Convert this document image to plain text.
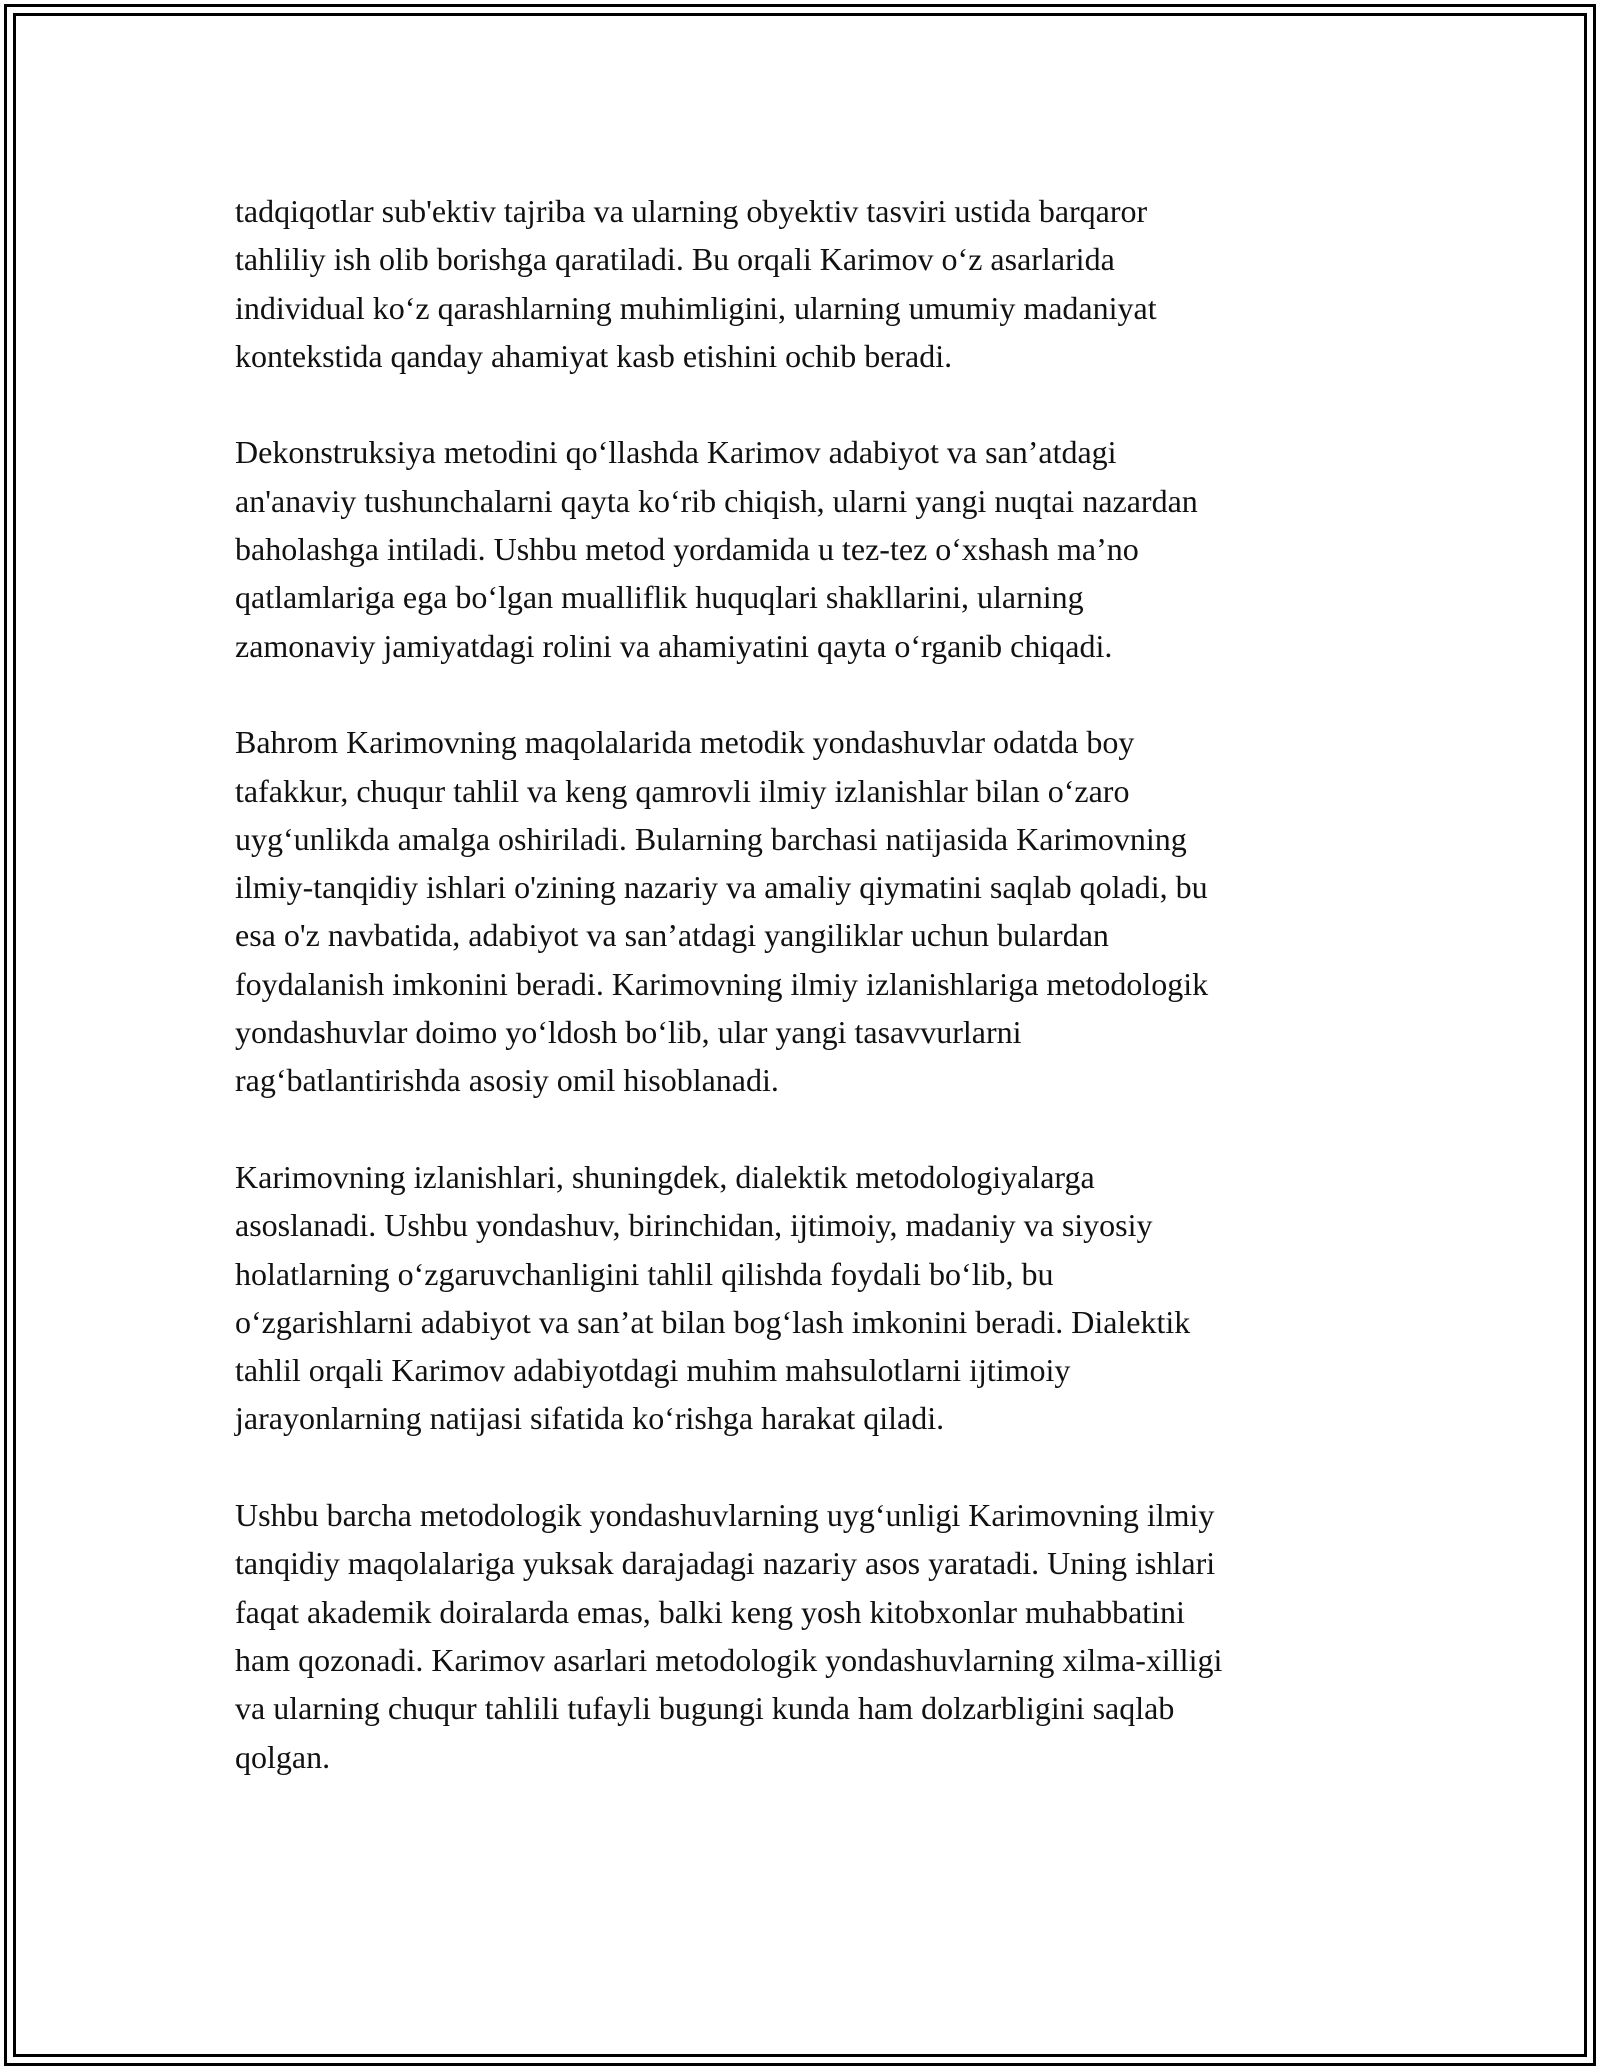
tadqiqotlar sub'ektiv tajriba va ularning obyektiv tasviri ustida barqaror
tahliliy ish olib borishga qaratiladi. Bu orqali Karimov o‘z asarlarida
individual ko‘z qarashlarning muhimligini, ularning umumiy madaniyat
kontekstida qanday ahamiyat kasb etishini ochib beradi.

Dekonstruksiya metodini qo‘llashda Karimov adabiyot va san’atdagi
an'anaviy tushunchalarni qayta ko‘rib chiqish, ularni yangi nuqtai nazardan
baholashga intiladi. Ushbu metod yordamida u tez-tez o‘xshash ma’no
qatlamlariga ega bo‘lgan mualliflik huquqlari shakllarini, ularning
zamonaviy jamiyatdagi rolini va ahamiyatini qayta o‘rganib chiqadi.

Bahrom Karimovning maqolalarida metodik yondashuvlar odatda boy
tafakkur, chuqur tahlil va keng qamrovli ilmiy izlanishlar bilan o‘zaro
uyg‘unlikda amalga oshiriladi. Bularning barchasi natijasida Karimovning
ilmiy-tanqidiy ishlari o'zining nazariy va amaliy qiymatini saqlab qoladi, bu
esa o'z navbatida, adabiyot va san’atdagi yangiliklar uchun bulardan
foydalanish imkonini beradi. Karimovning ilmiy izlanishlariga metodologik
yondashuvlar doimo yo‘ldosh bo‘lib, ular yangi tasavvurlarni
rag‘batlantirishda asosiy omil hisoblanadi.

Karimovning izlanishlari, shuningdek, dialektik metodologiyalarga
asoslanadi. Ushbu yondashuv, birinchidan, ijtimoiy, madaniy va siyosiy
holatlarning o‘zgaruvchanligini tahlil qilishda foydali bo‘lib, bu
o‘zgarishlarni adabiyot va san’at bilan bog‘lash imkonini beradi. Dialektik
tahlil orqali Karimov adabiyotdagi muhim mahsulotlarni ijtimoiy
jarayonlarning natijasi sifatida ko‘rishga harakat qiladi.

Ushbu barcha metodologik yondashuvlarning uyg‘unligi Karimovning ilmiy
tanqidiy maqolalariga yuksak darajadagi nazariy asos yaratadi. Uning ishlari
faqat akademik doiralarda emas, balki keng yosh kitobxonlar muhabbatini
ham qozonadi. Karimov asarlari metodologik yondashuvlarning xilma-xilligi
va ularning chuqur tahlili tufayli bugungi kunda ham dolzarbligini saqlab
qolgan.
